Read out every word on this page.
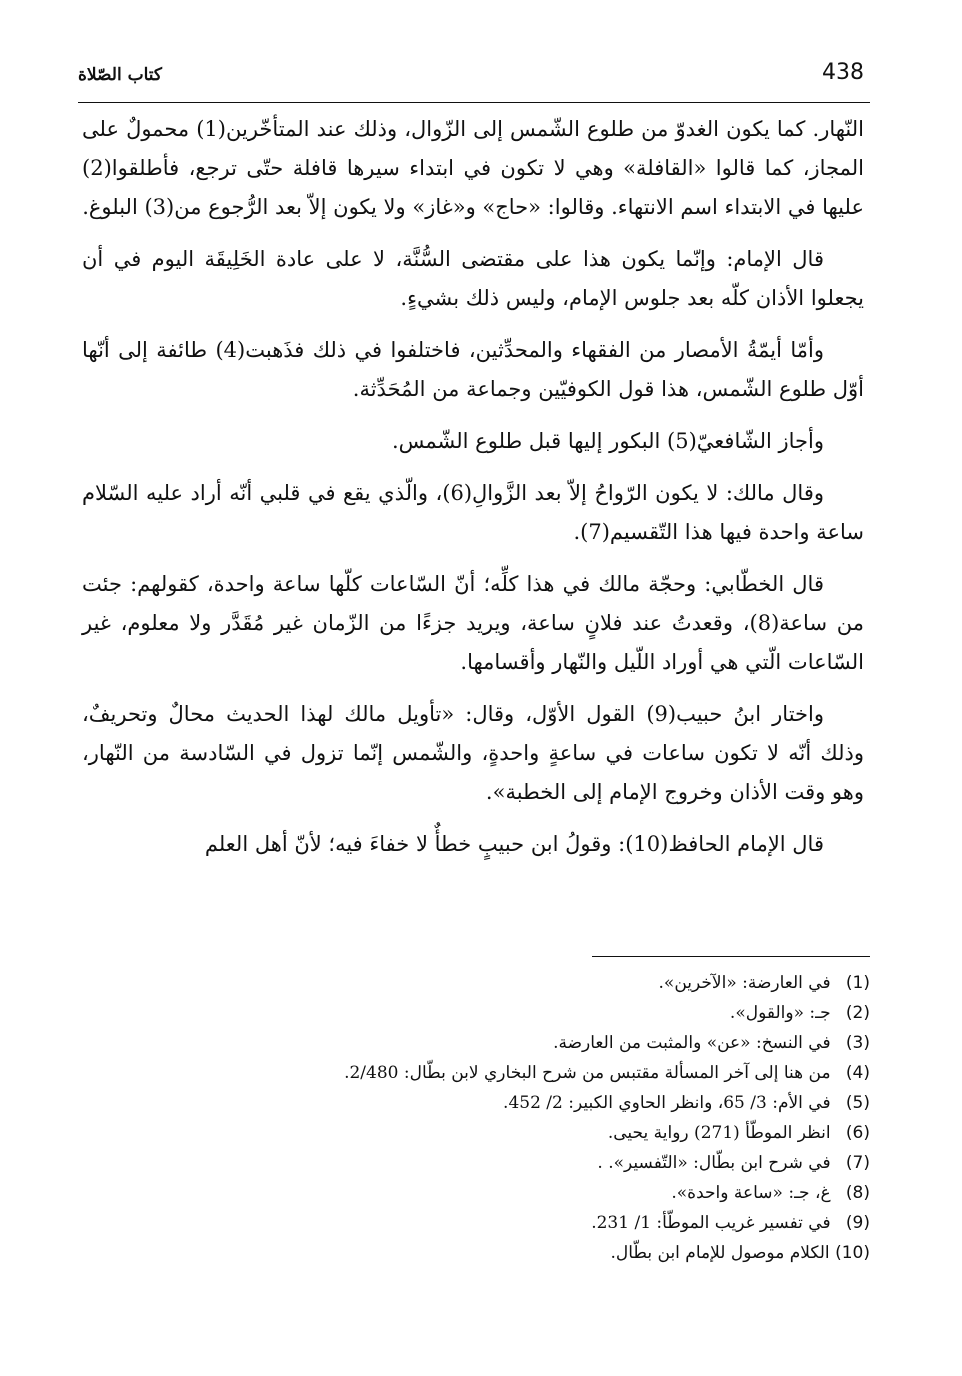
438
كتاب الصّلاة

النّهار. كما يكون الغدوّ من طلوع الشّمس إلى الزّوال، وذلك عند المتأخّرين(1) محمولٌ على المجاز، كما قالوا «القافلة» وهي لا تكون في ابتداء سيرها قافلة حتّى ترجع، فأطلقوا(2) عليها في الابتداء اسم الانتهاء. وقالوا: «حاج» و«غاز» ولا يكون إلاّ بعد الرُّجوع من(3) البلوغ.

قال الإمام: وإنّما يكون هذا على مقتضى السُّنَّة، لا على عادة الخَلِيقَة اليوم في أن يجعلوا الأذان كلّه بعد جلوس الإمام، وليس ذلك بشيءٍ.

وأمّا أيمّةُ الأمصار من الفقهاء والمحدِّثين، فاختلفوا في ذلك فذَهبت(4) طائفة إلى أنّها أوّل طلوع الشّمس، هذا قول الكوفيّين وجماعة من المُحَدِّثة.

وأجاز الشّافعيّ(5) البكور إليها قبل طلوع الشّمس.

وقال مالك: لا يكون الرّواحُ إلاّ بعد الزَّوالِ(6)، والّذي يقع في قلبي أنّه أراد عليه السّلام ساعة واحدة فيها هذا التّقسيم(7).

قال الخطّابي: وحجّة مالك في هذا كلِّه؛ أنّ السّاعات كلّها ساعة واحدة، كقولهم: جئت من ساعة(8)، وقعدتُ عند فلانٍ ساعة، ويريد جزءًا من الزّمان غير مُقَدَّر ولا معلوم، غير السّاعات الّتي هي أوراد اللّيل والنّهار وأقسامها.

واختار ابنُ حبيب(9) القول الأوّل، وقال: «تأويل مالك لهذا الحديث محالٌ وتحريفٌ، وذلك أنّه لا تكون ساعات في ساعةٍ واحدةٍ، والشّمس إنّما تزول في السّادسة من النّهار، وهو وقت الأذان وخروج الإمام إلى الخطبة».

قال الإمام الحافظ(10): وقولُ ابن حبيبٍ خطأٌ لا خفاءَ فيه؛ لأنّ أهل العلم

(1) في العارضة: «الآخرين».
(2) جـ: «والقول».
(3) في النسخ: «عن» والمثبت من العارضة.
(4) من هنا إلى آخر المسألة مقتبس من شرح البخاري لابن بطّال: 2/480.
(5) في الأم: 3/ 65، وانظر الحاوي الكبير: 2/ 452.
(6) انظر الموطّأ (271) رواية يحيى.
(7) في شرح ابن بطّال: «التّفسير». .
(8) غ، جـ: «ساعة واحدة».
(9) في تفسير غريب الموطّأ: 1/ 231.
(10) الكلام موصول للإمام ابن بطّال.
